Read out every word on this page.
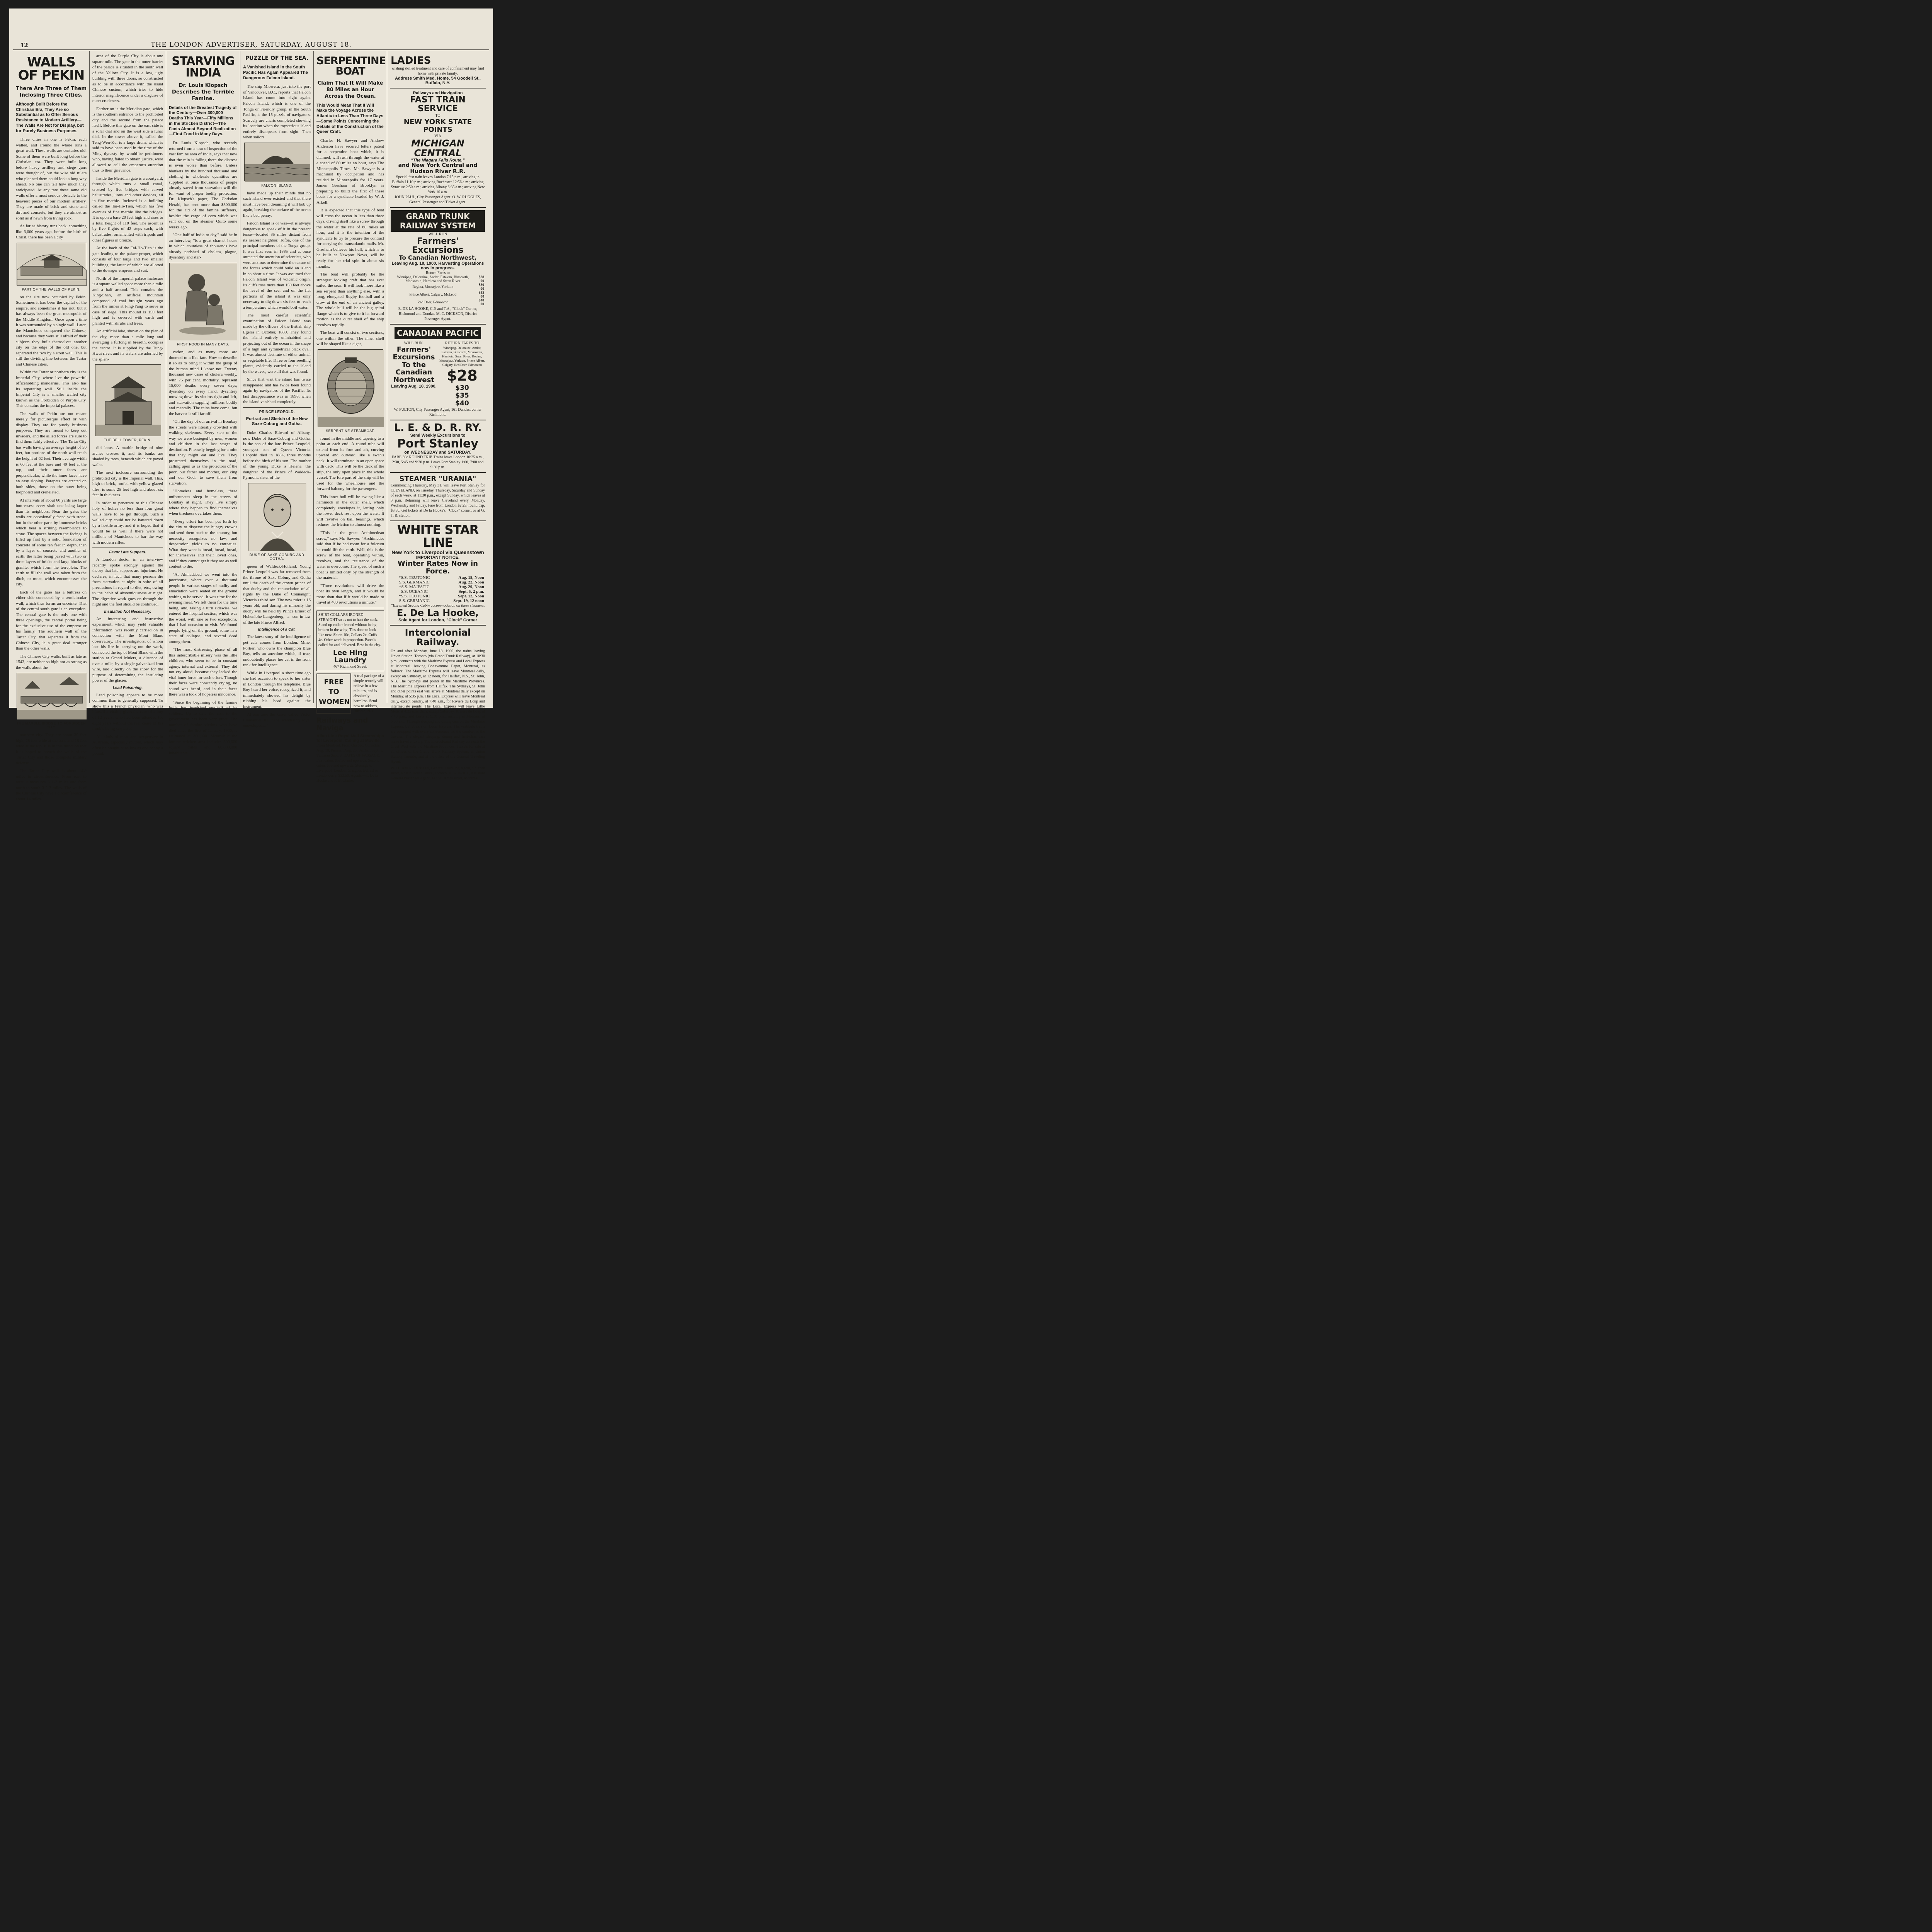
12	THE LONDON ADVERTISER, SATURDAY, AUGUST 18.
WALLS OF PEKIN
There Are Three of Them Inclosing Three Cities.
Although Built Before the Christian Era, They Are so Substantial as to Offer Serious Resistance to Modern Artillery—The Walls Are Not for Display, but for Purely Business Purposes.

Three cities in one is Pekin, each walled, and around the whole runs a great wall. These walls are centuries old. Some of them were built long before the Christian era. They were built long before heavy artillery and siege guns were thought of, but the wise old rulers who planned them could look a long way ahead. No one can tell how much they anticipated. At any rate these same old walls offer a most serious obstacle to the heaviest pieces of our modern artillery. They are made of brick and stone and dirt and concrete, but they are almost as solid as if hewn from living rock.

As far as history runs back, something like 3,000 years ago, before the birth of Christ, there has been a city

PART OF THE WALLS OF PEKIN.

on the site now occupied by Pekin. Sometimes it has been the capital of the empire, and sometimes it has not, but it has always been the great metropolis of the Middle Kingdom. Once upon a time it was surrounded by a single wall. Later, the Mantchoos conquered the Chinese, and because they were still afraid of their subjects they built themselves another city on the edge of the old one, but separated the two by a stout wall. This is still the dividing line between the Tartar and Chinese cities.

Within the Tartar or northern city is the Imperial City, where live the powerful officeholding mandarins. This also has its separating wall. Still inside the Imperial City is a smaller walled city known as the Forbidden or Purple City. This contains the imperial palaces.

The walls of Pekin are not meant merely for picturesque effect or vain display. They are for purely business purposes. They are meant to keep out invaders, and the allied forces are sure to find them fairly effective. The Tartar City has walls having an average height of 50 feet, but portions of the north wall reach the height of 62 feet. Their average width is 60 feet at the base and 40 feet at the top, and their outer faces are perpendicular, while the inner faces have an easy sloping. Parapets are erected on both sides, those on the outer being loopholed and crenelated.

At intervals of about 60 yards are large buttresses; every sixth one being larger than its neighbors. Near the gates the walls are occasionally faced with stone, but in the other parts by immense bricks which bear a striking resemblance to stone. The spaces between the facings is filled up first by a solid foundation of concrete of some ten feet in depth, then by a layer of concrete and another of earth, the latter being paved with two or three layers of bricks and large blocks of granite, which form the terreplein. The earth to fill the wall was taken from the ditch, or moat, which encompasses the city.

Each of the gates has a buttress on either side connected by a semicircular wall, which thus forms an enceinte. That of the central south gate is an exception. The central gate is the only one with three openings, the central portal being for the exclusive use of the emperor or his family. The southern wall of the Tartar City, that separates it from the Chinese City, is a great deal stronger than the other walls.

The Chinese City walls, built as late as 1543, are neither so high nor as strong as the walls about the

THE MARBLE BRIDGE TO FORBIDDEN CITY.

northern city. They are about 30 feet high, 25 feet wide at the base and 15 feet wide at the top. It is in this direction that it is hoped to breach the walls of the Tartar City and those complete military defense.

The Tartar City wall is about 14½ miles in circumference. From east to west it measures 3 1-2 miles and from north to south 3 2-3 miles. The walls of the Chinese City have a circumference of about 14 miles.

area of the Purple City is about one square mile. The gate in the outer barrier of the palace is situated in the south wall of the Yellow City. It is a low, ugly building with three doors, so constructed as to be in accordance with the usual Chinese custom, which tries to hide interior magnificence under a disguise of outer crudeness.

Farther on is the Meridian gate, which is the southern entrance to the prohibited city and the second from the palace itself. Before this gate on the east side is a solar dial and on the west side a lunar dial. In the tower above it, called the Teng-Wen-Ku, is a large drum, which is said to have been used in the time of the Ming dynasty by would-be petitioners who, having failed to obtain justice, were allowed to call the emperor's attention thus to their grievance.

Inside the Meridian gate is a courtyard, through which runs a small canal, crossed by five bridges with carved balustrades, lions and other devices, all in fine marble. Inclosed is a building called the Tai-Ho-Tien, which has five avenues of fine marble like the bridges. It is upon a base 20 feet high and rises to a total height of 110 feet. The ascent is by five flights of 42 steps each, with balustrades, ornamented with tripods and other figures in bronze.

At the back of the Tai-Ho-Tien is the gate leading to the palace proper, which consists of four large and two smaller buildings, the latter of which are allotted to the dowager empress and suit.

North of the imperial palace inclosure is a square walled space more than a mile and a half around. This contains the King-Shan, an artificial mountain composed of coal brought years ago from the mines at Ping-Yang to serve in case of siege. This mound is 150 feet high and is covered with earth and planted with shrubs and trees.

An artificial lake, shown on the plan of the city, more than a mile long and averaging a furlong in breadth, occupies the centre. It is supplied by the Tung-Hwui river, and its waters are adorned by the splen-

THE BELL TOWER, PEKIN.

did lotus. A marble bridge of nine arches crosses it, and its banks are shaded by trees, beneath which are paved walks.

The next inclosure surrounding the prohibited city is the imperial wall. This, high of brick, roofed with yellow glazed tiles, is some 25 feet high and about six feet in thickness.

In order to penetrate to this Chinese holy of holies no less than four great walls have to be got through. Such a walled city could not be battered down by a hostile army, and it is hoped that it would be as well if there were not millions of Mantchoos to bar the way with modern rifles.

Favor Late Suppers.

A London doctor in an interview recently spoke strongly against the theory that late suppers are injurious. He declares, in fact, that many persons die from starvation at night in spite of all precautions in regard to diet, etc., owing to the habit of abstemiousness at night. The digestive work goes on through the night and the fuel should be continued.

Insulation Not Necessary.

An interesting and instructive experiment, which may yield valuable information, was recently carried on in connection with the Mont Blanc observatory. The investigators, of whom lost his life in carrying out the work, connected the top of Mont Blanc with the station at Grand Mulets, a distance of over a mile, by a single galvanized iron wire, laid directly on the snow for the purpose of determining the insulating power of the glacier.

Lead Poisoning.

Lead poisoning appears to be more common than is generally supposed. To show this a French physician, who was himself a victim, gives the case of a boy of 12 years, who had been attended for eight years without the real cause of his trouble being suspected.

All kinds of meat are inexpensive in Australia, especially mutton, which may often be bought at as low as one penny a pound.

STARVING INDIA
Dr. Louis Klopsch Describes the Terrible Famine.
Details of the Greatest Tragedy of the Century—Over 300,000 Deaths This Year—Fifty Millions in the Stricken District—The Facts Almost Beyond Realization—First Food in Many Days.

Dr. Louis Klopsch, who recently returned from a tour of inspection of the vast famine area of India, says that now that the rain is falling there the distress is even worse than before. Unless blankets by the hundred thousand and clothing in wholesale quantities are supplied at once thousands of people already saved from starvation will die for want of proper bodily protection. Dr. Klopsch's paper, The Christian Herald, has sent more than $300,000 for the aid of the famine sufferers, besides the cargo of corn which was sent out on the steamer Quito some weeks ago.

"One-half of India to-day," said he in an interview, "is a great charnel house in which countless of thousands have already perished of cholera, plague, dysentery and star-

FIRST FOOD IN MANY DAYS.

vation, and as many more are doomed to a like fate. How to describe it so as to bring it within the grasp of the human mind I know not. Twenty thousand new cases of cholera weekly, with 75 per cent. mortality, represent 15,000 deaths every seven days; dysentery on every hand, dysentery mowing down its victims right and left, and starvation sapping millions bodily and mentally. The rains have come, but the harvest is still far off.

"On the day of our arrival in Bombay the streets were literally crowded with walking skeletons. Every step of the way we were besieged by men, women and children in the last stages of destitution. Piteously begging for a mite that they might eat and live. They prostrated themselves in the road, calling upon us as 'the protectors of the poor, our father and mother, our king and our God,' to save them from starvation.

"Homeless and homeless, these unfortunates sleep in the streets of Bombay at night. They live simply where they happen to find themselves when tiredness overtakes them.

"Every effort has been put forth by the city to disperse the hungry crowds and send them back to the country, but necessity recognizes no law, and desperation yields to no entreaties. What they want is bread, bread, bread, for themselves and their loved ones, and if they cannot get it they are as well content to die.

"At Ahmadabad we went into the poorhouse, where over a thousand people in various stages of nudity and emaciation were seated on the ground waiting to be served. It was time for the evening meal. We left them for the time being, and, taking a turn sidewise, we entered the hospital section, which was the worst, with one or two exceptions, that I had occasion to visit. We found people lying on the ground, some in a state of collapse, and several dead among them.

"The most distressing phase of all this indescribable misery was the little children, who seem to be in constant agony, internal and external. They did not cry aloud, because they lacked the vital inner force for such effort. Though their faces were constantly crying, no sound was heard, and in their faces there was a look of hopeless innocence.

"Since the beginning of the famine India has furnished one-half of its soldiers. Up to date the cost to the government has been very great. The number of famine victims who have died since the first of January, 1900, is estimated at 300,000. Meanwhile the famine stricken area includes 500,000 square miles and 60,000,000 inhabitants.

PUZZLE OF THE SEA.
A Vanished Island in the South Pacific Has Again Appeared The Dangerous Falcon Island.

The ship Miowera, just into the port of Vancouver, B.C., reports that Falcon Island has come into sight again. Falcon Island, which is one of the Tonga or Friendly group, in the South Pacific, is the 15 puzzle of navigators. Scarcely are charts completed showing its location when the mysterious island entirely disappears from sight. Then when sailors

FALCON ISLAND.

have made up their minds that no such island ever existed and that there must have been dreaming it will bob up again, breaking the surface of the ocean like a bad penny.

Falcon Island is or was—it is always dangerous to speak of it in the present tense—located 35 miles distant from its nearest neighbor, Tofoa, one of the principal members of the Tonga group. It was first seen in 1885 and at once attracted the attention of scientists, who were anxious to determine the nature of the forces which could build an island in so short a time. It was assumed that Falcon Island was of volcanic origin. Its cliffs rose more than 150 feet above the level of the sea, and on the flat portions of the island it was only necessary to dig down six feet to reach a temperature which would boil water.

The most careful scientific examination of Falcon Island was made by the officers of the British ship Egeria in October, 1889. They found the island entirely uninhabited and projecting out of the ocean in the shape of a high and symmetrical black oval. It was almost destitute of either animal or vegetable life. Three or four seedling plants, evidently carried to the island by the waves, were all that was found.

Since that visit the island has twice disappeared and has twice been found again by navigators of the Pacific. Its last disappearance was in 1898, when the island vanished completely.

PRINCE LEOPOLD.
Portrait and Sketch of the New Saxe-Coburg and Gotha.

Duke Charles Edward of Albany, now Duke of Saxe-Coburg and Gotha, is the son of the late Prince Leopold, youngest son of Queen Victoria. Leopold died in 1884, three months before the birth of his son. The mother of the young Duke is Helena, the daughter of the Prince of Waldeck-Pyrmont, sister of the

DUKE OF SAXE-COBURG AND GOTHA.

queen of Waldeck-Holland. Young Prince Leopold was far removed from the throne of Saxe-Coburg and Gotha until the death of the crown prince of that duchy and the renunciation of all rights by the Duke of Connaught, Victoria's third son. The new ruler is 16 years old, and during his minority the duchy will be held by Prince Ernest of Hohenlohe-Langenberg, a son-in-law of the late Prince Alfred.

Intelligence of a Cat.

The latest story of the intelligence of pet cats comes from London. Mme. Portier, who owns the champion Blue Boy, tells an anecdote which, if true, undoubtedly places her cat in the front rank for intelligence.

While in Liverpool a short time ago she had occasion to speak to her sister in London through the telephone. Blue Boy heard her voice, recognized it, and immediately showed his delight by rubbing his head against the instrument.

At one time the kaiser called Victor Emmanuel III. "The wandering royal encyclopedia."

SERPENTINE BOAT
Claim That It Will Make 80 Miles an Hour Across the Ocean.
This Would Mean That It Will Make the Voyage Across the Atlantic in Less Than Three Days—Some Points Concerning the Details of the Construction of the Queer Craft.

Charles H. Sawyer and Andrew Anderson have secured letters patent for a serpentine boat which, it is claimed, will rush through the water at a speed of 80 miles an hour, says The Minneapolis Times. Mr. Sawyer is a machinist by occupation and has resided in Minneapolis for 17 years. James Gresham of Brooklyn is preparing to build the first of these boats for a syndicate headed by W. J. Arkell.

It is expected that this type of boat will cross the ocean in less than three days, driving itself like a screw through the water at the rate of 60 miles an hour, and it is the intention of the syndicate to try to procure the contract for carrying the transatlantic mails. Mr. Gresham believes his hull, which is to be built at Newport News, will be ready for her trial spin in about six months.

The boat will probably be the strangest looking craft that has ever sailed the seas. It will look more like a sea serpent than anything else, with a long, elongated Rugby football and a crow at the end of an ancient galley. The whole hull will be the big spiral flange which is to give to it its forward motion as the outer shell of the ship revolves rapidly.

The boat will consist of two sections, one within the other. The inner shell will be shaped like a cigar,

SERPENTINE STEAMBOAT.

round in the middle and tapering to a point at each end. A round tube will extend from its fore and aft, curving upward and outward like a swan's neck. It will terminate in an open space with deck. This will be the deck of the ship, the only open place in the whole vessel. The fore part of the ship will be used for the wheelhouse and the forward balcony for the passengers.

This inner hull will be swung like a hammock in the outer shell, which completely envelopes it, letting only the lower deck rest upon the water. It will revolve on ball bearings, which reduces the friction to almost nothing.

"This is the great Archimedean screw," says Mr. Sawyer. "Archimedes said that if he had room for a fulcrum he could lift the earth. Well, this is the screw of the boat, operating within, revolves, and the resistance of the water is overcome. The speed of such a boat is limited only by the strength of the material.

"Three revolutions will drive the boat its own length, and it would be more than that if it would be made to travel at 400 revolutions a minute."

SHIRT COLLARS IRONED STRAIGHT so as not to hurt the neck. Stand up collars ironed without being broken in the wing. Ties done to look like new. Shirts 10c, Collars 2c, Cuffs 4c. Other work in proportion. Parcels called for and delivered. Best in the city.

Lee Hing Laundry
467 Richmond Street.
FREE TO WOMEN

A trial package of a simple remedy will relieve in a few minutes, and is absolutely harmless. Send now to address, Buffalo, N.Y.

Railways and Naviga
Allan Line Royal Mail Steamships for Liverpool, Calling at Moville.

From Montreal. From Quebec. Corinthian Aug. 18; Parisian Aug. 25; Sicilian Sept. 1; Tunisian Sept. 8. RATES OF PASSAGE. First cabin, $52.50 and upwards. Second cabin, $35 and upwards. Steerage to Liverpool, London, Glasgow, Belfast or Londonderry, $23.50. Agents—E. De la Hooke and F. B. Clarke.

LADIES
wishing skilled treatment and care of confinement may find home with private family.
Address Smith Med. Home, 54 Goodell St., Buffalo, N.Y.
Railways and Navigation
FAST TRAIN SERVICE
TO
NEW YORK STATE POINTS
VIA
MICHIGAN CENTRAL
"The Niagara Falls Route,"
and New York Central and Hudson River R.R.
Special fast train leaves London 7:15 p.m., arriving in Buffalo 11:10 p.m.; arriving Rochester 12:56 a.m.; arriving Syracuse 2:50 a.m.; arriving Albany 6:35 a.m.; arriving New York 10 a.m.
JOHN PAUL, City Passenger Agent. O. W. RUGGLES, General Passenger and Ticket Agent.
GRAND TRUNK RAILWAY SYSTEM
WILL RUN
Farmers' Excursions
To Canadian Northwest,
Leaving Aug. 18, 1900. Harvesting Operations now in progress.
Return Fares to
Winnipeg, Deloraine, Antler, Estevan, Binscarth, Moosomin, Hamiota and Swan River	$28 00
Regina, Moosejaw, Yorkton	$30 00
Prince Albert, Calgary, McLeod	$35 00
Red Deer, Edmonton	$40 00
E. DE LA HOOKE, C.P. and T.A., "Clock" Corner, Richmond and Dundas. M. C. DICKSON, District Passenger Agent.
CANADIAN PACIFIC
WILL RUN.
Farmers' Excursions To the Canadian Northwest
Leaving Aug. 18, 1900.
RETURN FARES TO
Winnipeg, Deloraine, Antler, Estevan, Binscarth, Moosomin, Hamiota, Swan River, Regina, Moosejaw, Yorkton, Prince Albert, Calgary, Red Deer, Edmonton
$28
$30
$35
$40
W. FULTON, City Passenger Agent, 161 Dundas, corner Richmond.
L. E. & D. R. RY.
Semi Weekly Excursions to
Port Stanley
on WEDNESDAY and SATURDAY.
FARE 30c ROUND TRIP. Trains leave London 10:25 a.m., 2:30, 5:45 and 9:30 p.m. Leave Port Stanley 1:00, 7:00 and 9:30 p.m.
STEAMER "URANIA"
Commencing Thursday, May 31, will leave Port Stanley for CLEVELAND, on Tuesday, Thursday, Saturday and Sunday of each week, at 11:30 p.m., except Sunday, which leaves at 3 p.m. Returning will leave Cleveland every Monday, Wednesday and Friday. Fare from London $2.25; round trip, $3.50. Get tickets at De la Hooke's, "Clock" corner, or at G. T. R. station.
WHITE STAR LINE
New York to Liverpool via Queenstown
IMPORTANT NOTICE.
Winter Rates Now in Force.
*S.S. TEUTONIC	Aug. 15, Noon
S.S. GERMANIC	Aug. 22, Noon
*S.S. MAJESTIC	Aug. 29, Noon
S.S. OCEANIC	Sept. 5, 2 p.m.
*S.S. TEUTONIC	Sept. 12, Noon
S.S. GERMANIC	Sept. 19, 12 noon
*Excellent Second Cabin accommodation on these steamers.
E. De La Hooke,
Sole Agent for London, "Clock" Corner
Intercolonial Railway.

On and after Monday, June 18, 1900, the trains leaving Union Station, Toronto (via Grand Trunk Railway), at 10:30 p.m., connects with the Maritime Express and Local Express at Montreal, leaving Bonaventure Depot, Montreal, as follows: The Maritime Express will leave Montreal daily, except on Saturday, at 12 noon, for Halifax, N.S., St. John, N.B. The Sydneys and points in the Maritime Provinces. The Maritime Express from Halifax, The Sydneys, St. John and other points east will arrive at Montreal daily except on Monday, at 5:35 p.m. The Local Express will leave Montreal daily, except Sunday, at 7:40 a.m., for Riviere du Loup and intermediate points. The Local Express will leave Little Metis at 4:25 a.m. daily, except Saturday, Riviere du Loup at 7:40 p.m., and Levis at 9:30 p.m., arriving at Montreal at 6:30 a.m. Through sleeping and dining cars on the Maritime Express; buffet cars on Local Express. The vestibule trains are equipped with every convenience for the comfort of the traveler. The elegant sleeping, dining and first-class cars make travel a luxury. The Intercolonial Railway connects the Great West with the Maritime Provinces. Tickets for sale at all offices of the Grand Trunk Railway System, at Union Station, Toronto, and at the office of the General Traveling Agent.

WILLIAM ROBINSON, General Traveling Agent, 93 York street, Rossin House Block, Toronto. H. A. PRICE, Assistant General Passenger Agent, 143 St. James street, Montreal.
